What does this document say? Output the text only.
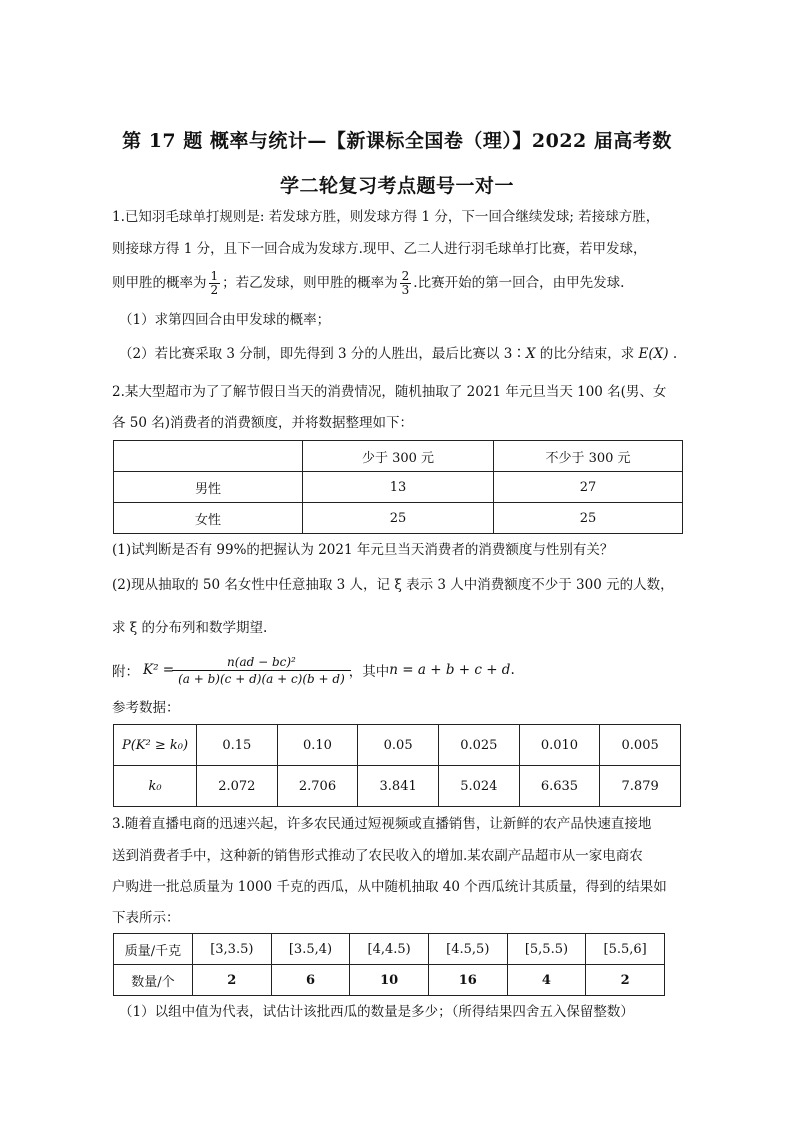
第 17 题 概率与统计—【新课标全国卷（理）】2022 届高考数
学二轮复习考点题号一对一
1.已知羽毛球单打规则是: 若发球方胜，则发球方得 1 分，下一回合继续发球; 若接球方胜，
则接球方得 1 分，且下一回合成为发球方.现甲、乙二人进行羽毛球单打比赛，若甲发球，
则甲胜的概率为 $\frac{1}{2}$ ；若乙发球，则甲胜的概率为 $\frac{2}{3}$ .比赛开始的第一回合，由甲先发球.
（1）求第四回合由甲发球的概率；
（2）若比赛采取 3 分制，即先得到 3 分的人胜出，最后比赛以 3∶X 的比分结束，求 E(X) .
2.某大型超市为了了解节假日当天的消费情况，随机抽取了 2021 年元旦当天 100 名(男、女
各 50 名)消费者的消费额度，并将数据整理如下：
	少于 300 元	不少于 300 元
男性	13	27
女性	25	25
(1)试判断是否有 99%的把握认为 2021 年元旦当天消费者的消费额度与性别有关？
(2)现从抽取的 50 名女性中任意抽取 3 人，记 ξ 表示 3 人中消费额度不少于 300 元的人数，
求 ξ 的分布列和数学期望.
附： $K^2 = \frac{\text{n(ad − bc)²}}{(a + b)(c + d)(a + c)(b + d)}$ ，其中 n = a + b + c + d .
参考数据：
P(K² ≥ k₀)	0.15	0.10	0.05	0.025	0.010	0.005
k₀	2.072	2.706	3.841	5.024	6.635	7.879
3.随着直播电商的迅速兴起，许多农民通过短视频或直播销售，让新鲜的农产品快速直接地
送到消费者手中，这种新的销售形式推动了农民收入的增加.某农副产品超市从一家电商农
户购进一批总质量为 1000 千克的西瓜，从中随机抽取 40 个西瓜统计其质量，得到的结果如
下表所示：
质量/千克	[3,3.5)	[3.5,4)	[4,4.5)	[4.5,5)	[5,5.5)	[5.5,6]
数量/个	2	6	10	16	4	2
（1）以组中值为代表，试估计该批西瓜的数量是多少；（所得结果四舍五入保留整数）
